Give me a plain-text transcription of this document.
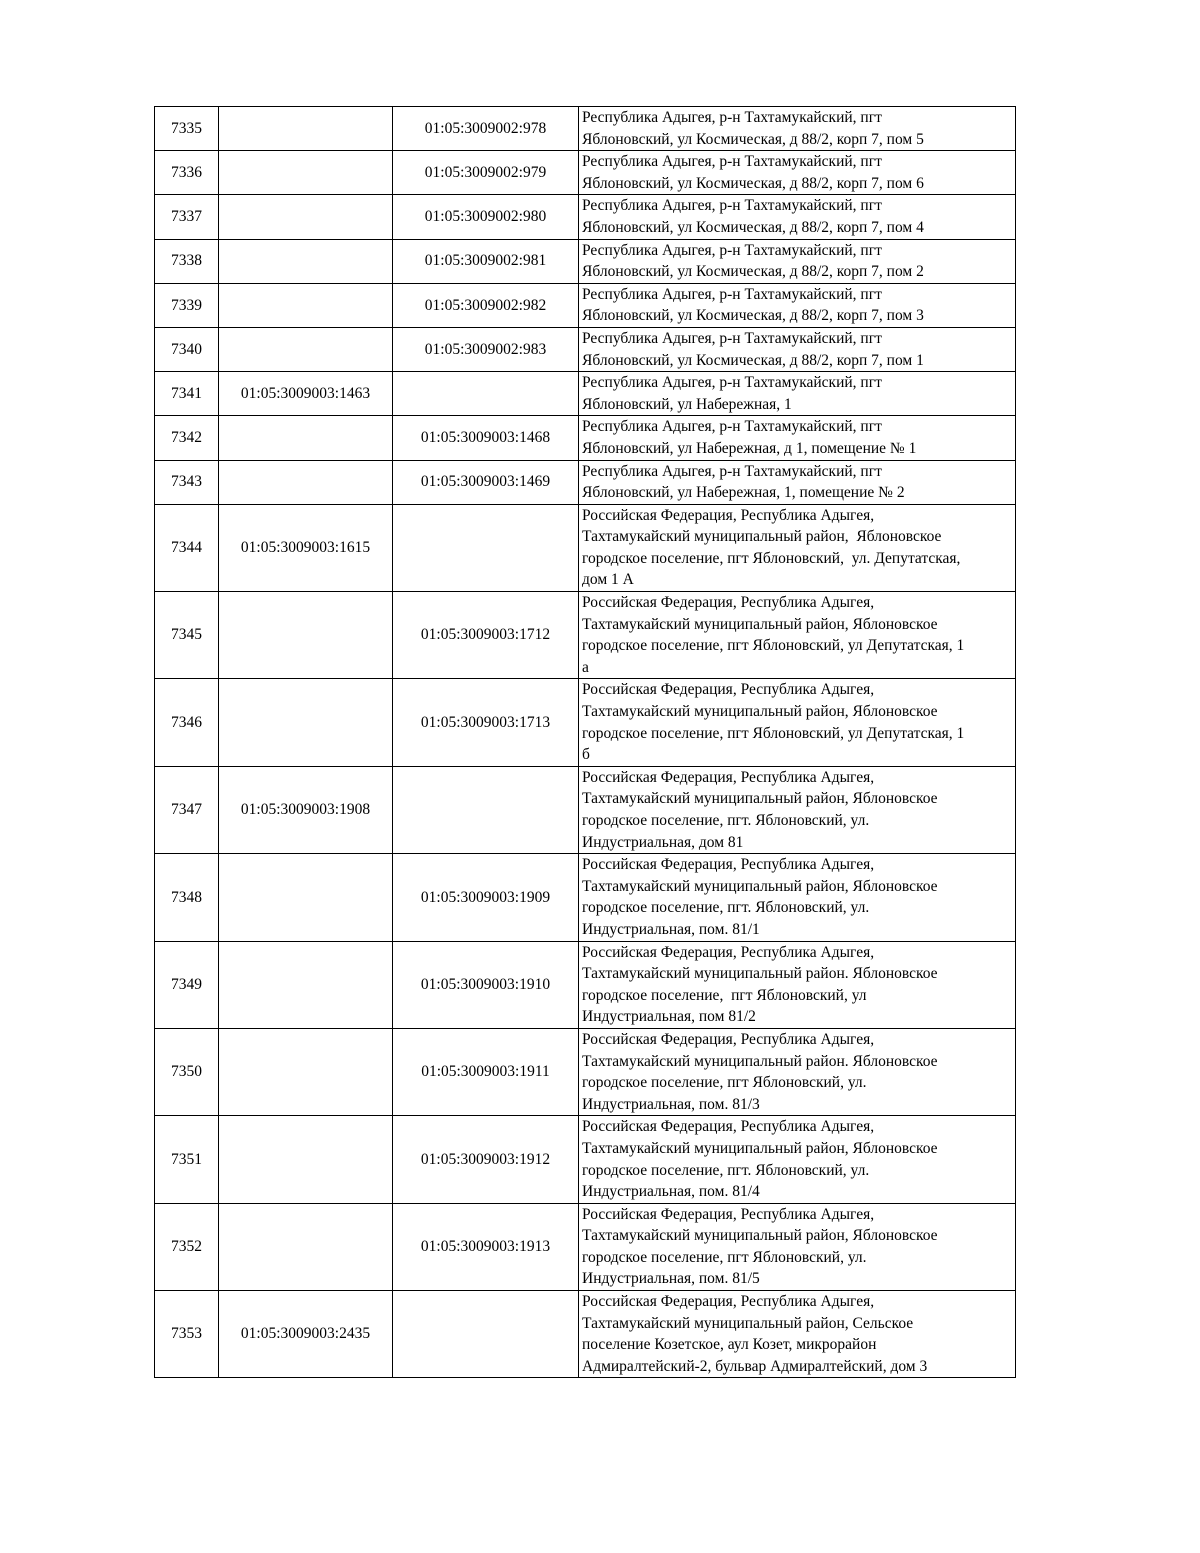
7335		01:05:3009002:978	Республика Адыгея, р-н Тахтамукайский, пгт
Яблоновский, ул Космическая, д 88/2, корп 7, пом 5

7336		01:05:3009002:979	Республика Адыгея, р-н Тахтамукайский, пгт
Яблоновский, ул Космическая, д 88/2, корп 7, пом 6

7337		01:05:3009002:980	Республика Адыгея, р-н Тахтамукайский, пгт
Яблоновский, ул Космическая, д 88/2, корп 7, пом 4

7338		01:05:3009002:981	Республика Адыгея, р-н Тахтамукайский, пгт
Яблоновский, ул Космическая, д 88/2, корп 7, пом 2

7339		01:05:3009002:982	Республика Адыгея, р-н Тахтамукайский, пгт
Яблоновский, ул Космическая, д 88/2, корп 7, пом 3

7340		01:05:3009002:983	Республика Адыгея, р-н Тахтамукайский, пгт
Яблоновский, ул Космическая, д 88/2, корп 7, пом 1

7341	01:05:3009003:1463		Республика Адыгея, р-н Тахтамукайский, пгт
Яблоновский, ул Набережная, 1

7342		01:05:3009003:1468	Республика Адыгея, р-н Тахтамукайский, пгт
Яблоновский, ул Набережная, д 1, помещение № 1

7343		01:05:3009003:1469	Республика Адыгея, р-н Тахтамукайский, пгт
Яблоновский, ул Набережная, 1, помещение № 2

7344	01:05:3009003:1615		Российская Федерация, Республика Адыгея,
Тахтамукайский муниципальный район,  Яблоновское
городское поселение, пгт Яблоновский,  ул. Депутатская,
дом 1 А

7345		01:05:3009003:1712	Российская Федерация, Республика Адыгея,
Тахтамукайский муниципальный район, Яблоновское
городское поселение, пгт Яблоновский, ул Депутатская, 1
а

7346		01:05:3009003:1713	Российская Федерация, Республика Адыгея,
Тахтамукайский муниципальный район, Яблоновское
городское поселение, пгт Яблоновский, ул Депутатская, 1
б

7347	01:05:3009003:1908		Российская Федерация, Республика Адыгея,
Тахтамукайский муниципальный район, Яблоновское
городское поселение, пгт. Яблоновский, ул.
Индустриальная, дом 81

7348		01:05:3009003:1909	Российская Федерация, Республика Адыгея,
Тахтамукайский муниципальный район, Яблоновское
городское поселение, пгт. Яблоновский, ул.
Индустриальная, пом. 81/1

7349		01:05:3009003:1910	Российская Федерация, Республика Адыгея,
Тахтамукайский муниципальный район. Яблоновское
городское поселение,  пгт Яблоновский, ул
Индустриальная, пом 81/2

7350		01:05:3009003:1911	Российская Федерация, Республика Адыгея,
Тахтамукайский муниципальный район. Яблоновское
городское поселение, пгт Яблоновский, ул.
Индустриальная, пом. 81/3

7351		01:05:3009003:1912	Российская Федерация, Республика Адыгея,
Тахтамукайский муниципальный район, Яблоновское
городское поселение, пгт. Яблоновский, ул.
Индустриальная, пом. 81/4

7352		01:05:3009003:1913	Российская Федерация, Республика Адыгея,
Тахтамукайский муниципальный район, Яблоновское
городское поселение, пгт Яблоновский, ул.
Индустриальная, пом. 81/5

7353	01:05:3009003:2435		Российская Федерация, Республика Адыгея,
Тахтамукайский муниципальный район, Сельское
поселение Козетское, аул Козет, микрорайон
Адмиралтейский-2, бульвар Адмиралтейский, дом 3
